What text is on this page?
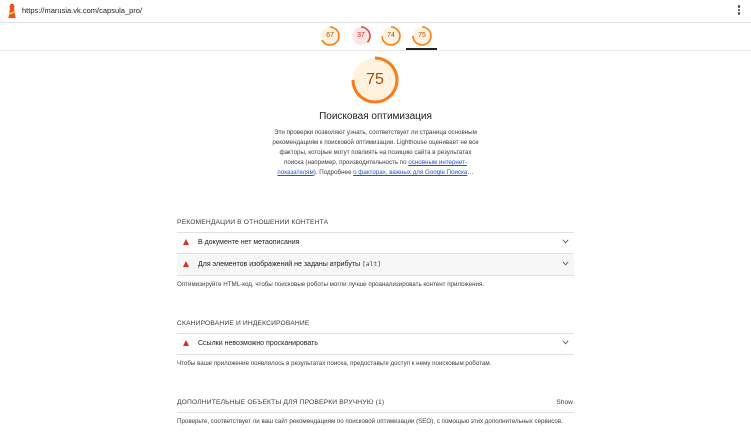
https://marusia.vk.com/capsula_pro/
67	37	74	75
75
Поисковая оптимизация
Эти проверки позволяют узнать, соответствует ли страница основным рекомендациям к поисковой оптимизации. Lighthouse оценивает не все факторы, которые могут повлиять на позицию сайта в результатах поиска (например, производительность по основным интернет-показателям). Подробнее о факторах, важных для Google Поиска…
РЕКОМЕНДАЦИИ В ОТНОШЕНИИ КОНТЕНТА
В документе нет метаописания
Для элементов изображений не заданы атрибуты [alt]
Оптимизируйте HTML-код, чтобы поисковые роботы могли лучше проанализировать контент приложения.
СКАНИРОВАНИЕ И ИНДЕКСИРОВАНИЕ
Ссылки невозможно просканировать
Чтобы ваше приложение появлялось в результатах поиска, предоставьте доступ к нему поисковым роботам.
ДОПОЛНИТЕЛЬНЫЕ ОБЪЕКТЫ ДЛЯ ПРОВЕРКИ ВРУЧНУЮ (1)	Show
Проверьте, соответствует ли ваш сайт рекомендациям по поисковой оптимизации (SEO), с помощью этих дополнительных сервисов.
